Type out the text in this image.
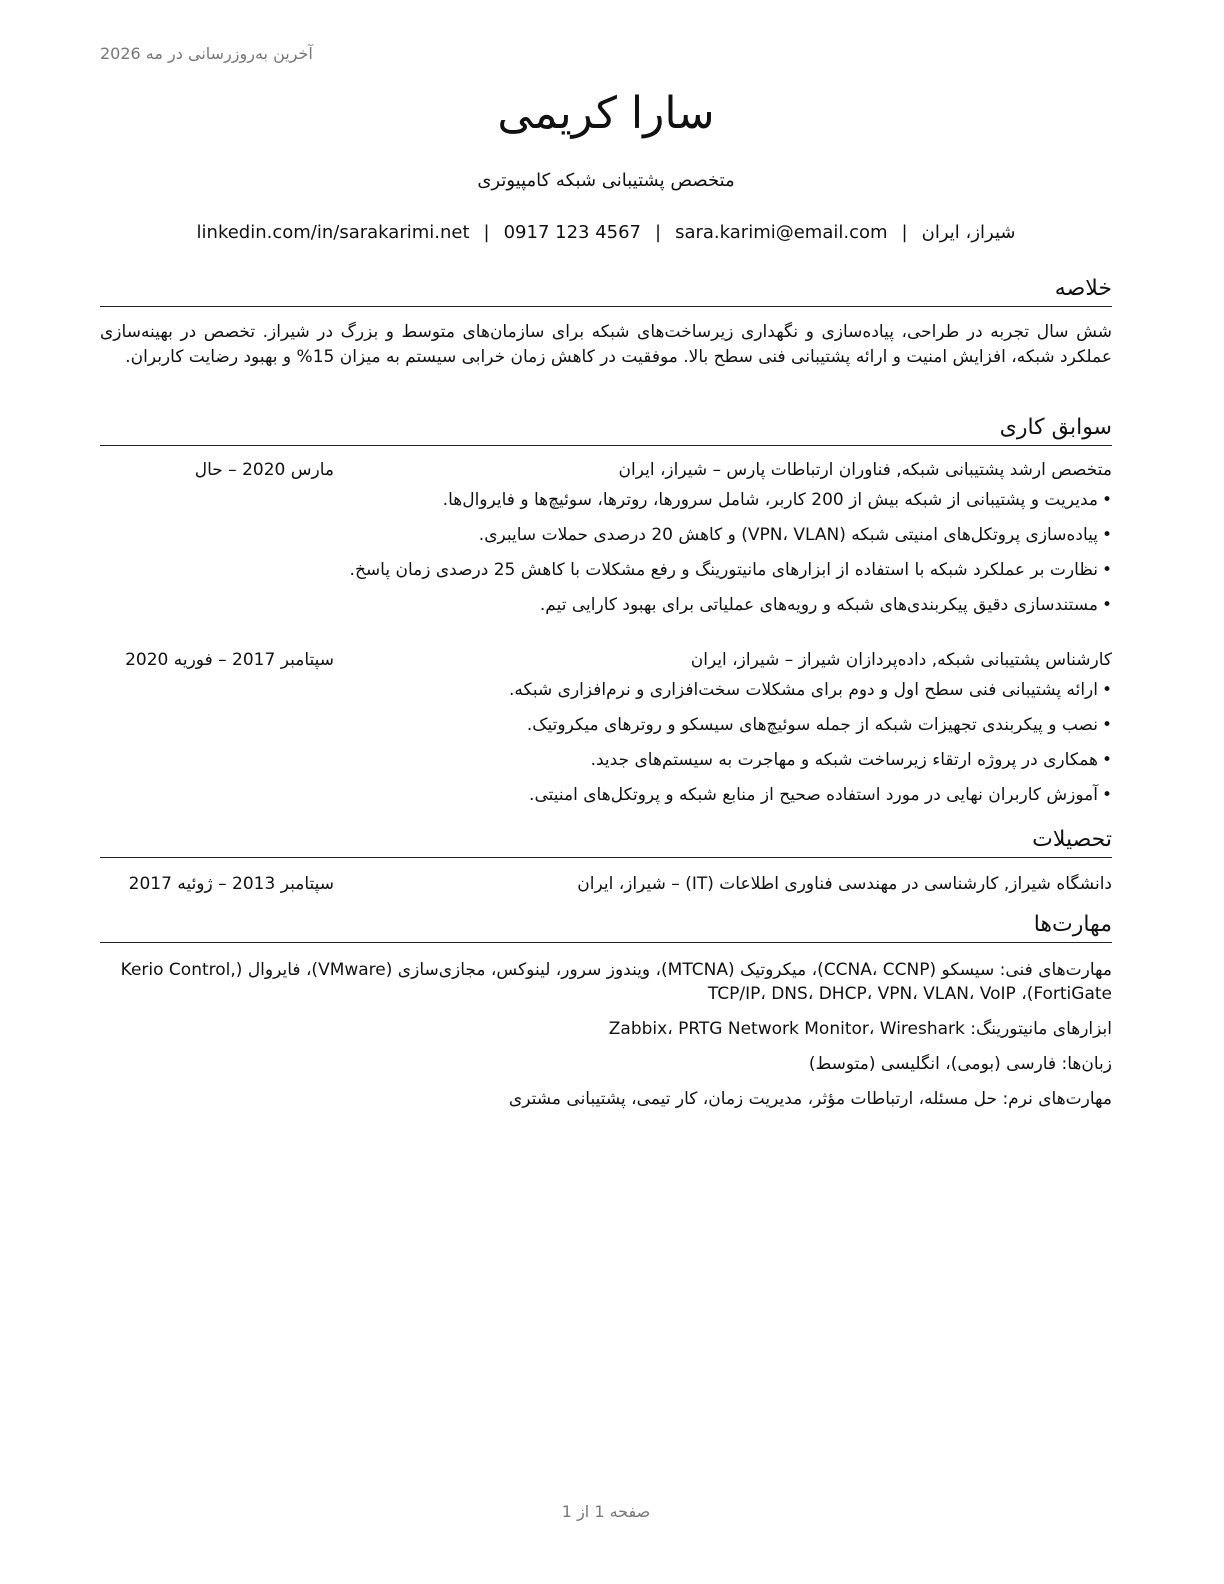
آخرین به‌روزرسانی در مه 2026
سارا کریمی
متخصص پشتیبانی شبکه کامپیوتری
شیراز، ایران|sara.karimi@email.com|0917 123 4567|linkedin.com/in/sarakarimi.net
خلاصه
شش سال تجربه در طراحی، پیاده‌سازی و نگهداری زیرساخت‌های شبکه برای سازمان‌های متوسط و بزرگ در شیراز. تخصص در بهینه‌سازی عملکرد شبکه، افزایش امنیت و ارائه پشتیبانی فنی سطح بالا. موفقیت در کاهش زمان خرابی سیستم به میزان 15% و بهبود رضایت کاربران.
سوابق کاری
متخصص ارشد پشتیبانی شبکه, فناوران ارتباطات پارس – شیراز، ایران
مارس 2020 – حال
•مدیریت و پشتیبانی از شبکه بیش از 200 کاربر، شامل سرورها، روترها، سوئیچ‌ها و فایروال‌ها.
•پیاده‌سازی پروتکل‌های امنیتی شبکه (VPN، VLAN) و کاهش 20 درصدی حملات سایبری.
•نظارت بر عملکرد شبکه با استفاده از ابزارهای مانیتورینگ و رفع مشکلات با کاهش 25 درصدی زمان پاسخ.
•مستندسازی دقیق پیکربندی‌های شبکه و رویه‌های عملیاتی برای بهبود کارایی تیم.
کارشناس پشتیبانی شبکه, داده‌پردازان شیراز – شیراز، ایران
سپتامبر 2017 – فوریه 2020
•ارائه پشتیبانی فنی سطح اول و دوم برای مشکلات سخت‌افزاری و نرم‌افزاری شبکه.
•نصب و پیکربندی تجهیزات شبکه از جمله سوئیچ‌های سیسکو و روترهای میکروتیک.
•همکاری در پروژه ارتقاء زیرساخت شبکه و مهاجرت به سیستم‌های جدید.
•آموزش کاربران نهایی در مورد استفاده صحیح از منابع شبکه و پروتکل‌های امنیتی.
تحصیلات
دانشگاه شیراز, کارشناسی در مهندسی فناوری اطلاعات (IT) – شیراز، ایران
سپتامبر 2013 – ژوئیه 2017
مهارت‌ها
مهارت‌های فنی: سیسکو (CCNA، CCNP)، میکروتیک (MTCNA)، ویندوز سرور، لینوکس، مجازی‌سازی (VMware)، فایروال (Kerio Control, FortiGate)، TCP/IP، DNS، DHCP، VPN، VLAN، VoIP
ابزارهای مانیتورینگ: Zabbix، PRTG Network Monitor، Wireshark
زبان‌ها: فارسی (بومی)، انگلیسی (متوسط)
مهارت‌های نرم: حل مسئله، ارتباطات مؤثر، مدیریت زمان، کار تیمی، پشتیبانی مشتری
صفحه 1 از 1
